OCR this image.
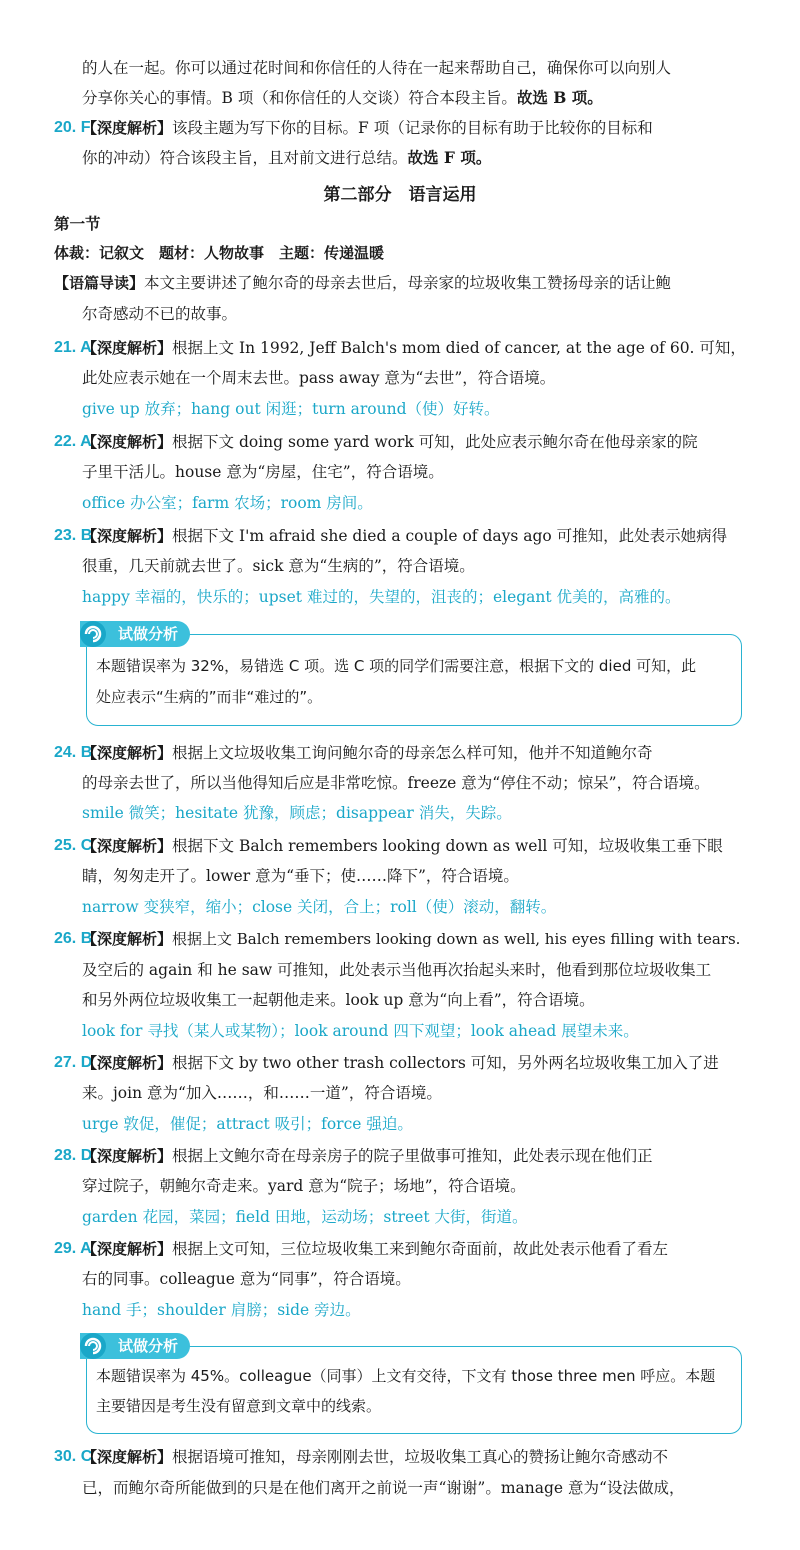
的人在一起。你可以通过花时间和你信任的人待在一起来帮助自己，确保你可以向别人
分享你关心的事情。B 项（和你信任的人交谈）符合本段主旨。故选 B 项。
20. F
【深度解析】该段主题为写下你的目标。F 项（记录你的目标有助于比较你的目标和
你的冲动）符合该段主旨，且对前文进行总结。故选 F 项。
第二部分　语言运用
第一节
体裁：记叙文　题材：人物故事　主题：传递温暖
【语篇导读】本文主要讲述了鲍尔奇的母亲去世后，母亲家的垃圾收集工赞扬母亲的话让鲍
尔奇感动不已的故事。
21. A
【深度解析】根据上文 In 1992, Jeff Balch's mom died of cancer, at the age of 60. 可知，
此处应表示她在一个周末去世。pass away 意为“去世”，符合语境。
give up 放弃；hang out 闲逛；turn around（使）好转。
22. A
【深度解析】根据下文 doing some yard work 可知，此处应表示鲍尔奇在他母亲家的院
子里干活儿。house 意为“房屋，住宅”，符合语境。
office 办公室；farm 农场；room 房间。
23. B
【深度解析】根据下文 I'm afraid she died a couple of days ago 可推知，此处表示她病得
很重，几天前就去世了。sick 意为“生病的”，符合语境。
happy 幸福的，快乐的；upset 难过的，失望的，沮丧的；elegant 优美的，高雅的。
试做分析
本题错误率为 32%，易错选 C 项。选 C 项的同学们需要注意，根据下文的 died 可知，此
处应表示“生病的”而非“难过的”。
24. B
【深度解析】根据上文垃圾收集工询问鲍尔奇的母亲怎么样可知，他并不知道鲍尔奇
的母亲去世了，所以当他得知后应是非常吃惊。freeze 意为“停住不动；惊呆”，符合语境。
smile 微笑；hesitate 犹豫，顾虑；disappear 消失，失踪。
25. C
【深度解析】根据下文 Balch remembers looking down as well 可知，垃圾收集工垂下眼
睛，匆匆走开了。lower 意为“垂下；使……降下”，符合语境。
narrow 变狭窄，缩小；close 关闭，合上；roll（使）滚动，翻转。
26. B
【深度解析】根据上文 Balch remembers looking down as well, his eyes filling with tears.
及空后的 again 和 he saw 可推知，此处表示当他再次抬起头来时，他看到那位垃圾收集工
和另外两位垃圾收集工一起朝他走来。look up 意为“向上看”，符合语境。
look for 寻找（某人或某物）；look around 四下观望；look ahead 展望未来。
27. D
【深度解析】根据下文 by two other trash collectors 可知，另外两名垃圾收集工加入了进
来。join 意为“加入……，和……一道”，符合语境。
urge 敦促，催促；attract 吸引；force 强迫。
28. D
【深度解析】根据上文鲍尔奇在母亲房子的院子里做事可推知，此处表示现在他们正
穿过院子，朝鲍尔奇走来。yard 意为“院子；场地”，符合语境。
garden 花园，菜园；field 田地，运动场；street 大街，街道。
29. A
【深度解析】根据上文可知，三位垃圾收集工来到鲍尔奇面前，故此处表示他看了看左
右的同事。colleague 意为“同事”，符合语境。
hand 手；shoulder 肩膀；side 旁边。
试做分析
本题错误率为 45%。colleague（同事）上文有交待，下文有 those three men 呼应。本题
主要错因是考生没有留意到文章中的线索。
30. C
【深度解析】根据语境可推知，母亲刚刚去世，垃圾收集工真心的赞扬让鲍尔奇感动不
已，而鲍尔奇所能做到的只是在他们离开之前说一声“谢谢”。manage 意为“设法做成，
